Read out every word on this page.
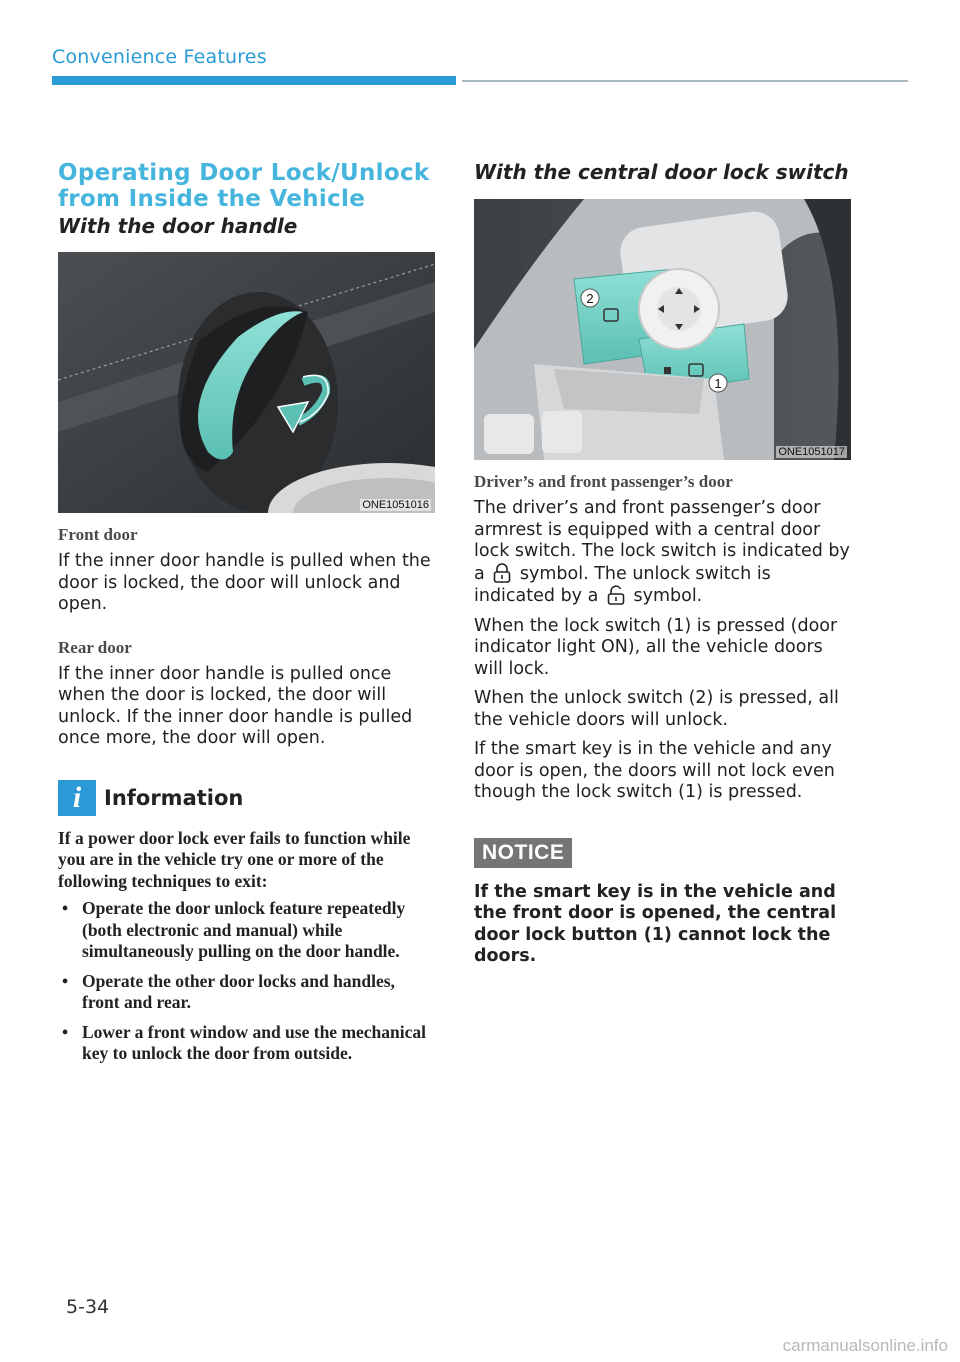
Convenience Features
Operating Door Lock/Unlock from Inside the Vehicle
With the door handle
ONE1051016
Front door

If the inner door handle is pulled when the door is locked, the door will unlock and open.

Rear door

If the inner door handle is pulled once when the door is locked, the door will unlock. If the inner door handle is pulled once more, the door will open.

i	Information

If a power door lock ever fails to function while you are in the vehicle try one or more of the following techniques to exit:

• Operate the door unlock feature repeatedly (both electronic and manual) while simultaneously pulling on the door handle.
• Operate the other door locks and handles, front and rear.
• Lower a front window and use the mechanical key to unlock the door from outside.
With the central door lock switch
2
1
ONE1051017
Driver’s and front passenger’s door

The driver’s and front passenger’s door armrest is equipped with a central door lock switch. The lock switch is indicated by a symbol. The unlock switch is indicated by a symbol.

When the lock switch (1) is pressed (door indicator light ON), all the vehicle doors will lock.

When the unlock switch (2) is pressed, all the vehicle doors will unlock.

If the smart key is in the vehicle and any door is open, the doors will not lock even though the lock switch (1) is pressed.

NOTICE

If the smart key is in the vehicle and the front door is opened, the central door lock button (1) cannot lock the doors.

5-34
carmanualsonline.info
